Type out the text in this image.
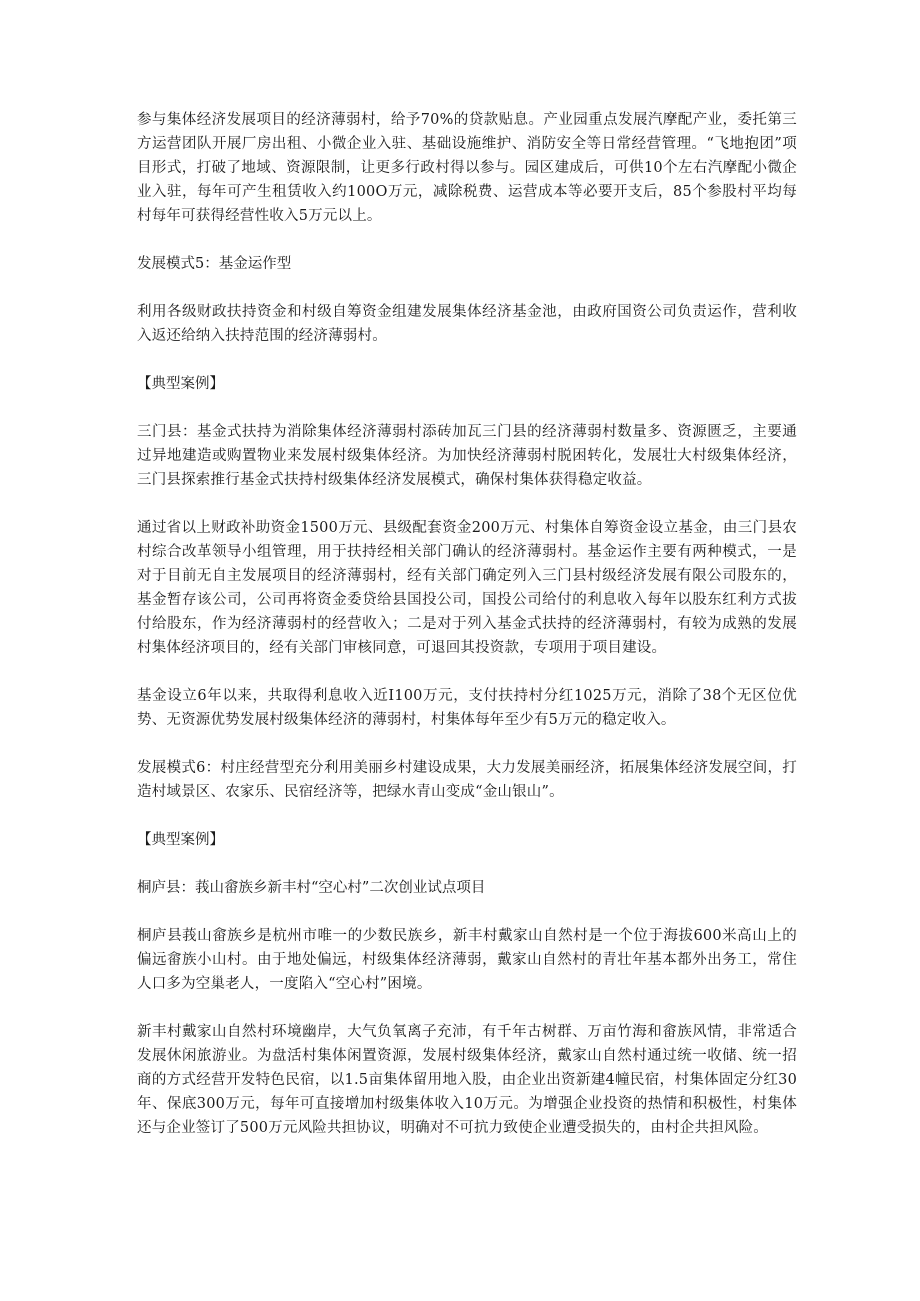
参与集体经济发展项目的经济薄弱村，给予70%的贷款贴息。产业园重点发展汽摩配产业，委托第三方运营团队开展厂房出租、小微企业入驻、基础设施维护、消防安全等日常经营管理。“飞地抱团”项目形式，打破了地域、资源限制，让更多行政村得以参与。园区建成后，可供10个左右汽摩配小微企业入驻，每年可产生租赁收入约100O万元，减除税费、运营成本等必要开支后，85个参股村平均每村每年可获得经营性收入5万元以上。

发展模式5：基金运作型

利用各级财政扶持资金和村级自筹资金组建发展集体经济基金池，由政府国资公司负责运作，营利收入返还给纳入扶持范围的经济薄弱村。

【典型案例】

三门县：基金式扶持为消除集体经济薄弱村添砖加瓦三门县的经济薄弱村数量多、资源匮乏，主要通过异地建造或购置物业来发展村级集体经济。为加快经济薄弱村脱困转化，发展壮大村级集体经济，三门县探索推行基金式扶持村级集体经济发展模式，确保村集体获得稳定收益。

通过省以上财政补助资金1500万元、县级配套资金200万元、村集体自筹资金设立基金，由三门县农村综合改革领导小组管理，用于扶持经相关部门确认的经济薄弱村。基金运作主要有两种模式，一是对于目前无自主发展项目的经济薄弱村，经有关部门确定列入三门县村级经济发展有限公司股东的，基金暂存该公司，公司再将资金委贷给县国投公司，国投公司给付的利息收入每年以股东红利方式拔付给股东，作为经济薄弱村的经营收入；二是对于列入基金式扶持的经济薄弱村，有较为成熟的发展村集体经济项目的，经有关部门审核同意，可退回其投资款，专项用于项目建设。

基金设立6年以来，共取得利息收入近I100万元，支付扶持村分红1025万元，消除了38个无区位优势、无资源优势发展村级集体经济的薄弱村，村集体每年至少有5万元的稳定收入。

发展模式6：村庄经营型充分利用美丽乡村建设成果，大力发展美丽经济，拓展集体经济发展空间，打造村域景区、农家乐、民宿经济等，把绿水青山变成“金山银山”。

【典型案例】

桐庐县：莪山畲族乡新丰村“空心村”二次创业试点项目

桐庐县莪山畲族乡是杭州市唯一的少数民族乡，新丰村戴家山自然村是一个位于海拔600米高山上的偏远畲族小山村。由于地处偏远，村级集体经济薄弱，戴家山自然村的青壮年基本都外出务工，常住人口多为空巢老人，一度陷入“空心村”困境。

新丰村戴家山自然村环境幽岸，大气负氧离子充沛，有千年古树群、万亩竹海和畲族风情，非常适合发展休闲旅游业。为盘活村集体闲置资源，发展村级集体经济，戴家山自然村通过统一收储、统一招商的方式经营开发特色民宿，以1.5亩集体留用地入股，由企业出资新建4幢民宿，村集体固定分红30年、保底300万元，每年可直接增加村级集体收入10万元。为增强企业投资的热情和积极性，村集体还与企业签订了500万元风险共担协议，明确对不可抗力致使企业遭受损失的，由村企共担风险。
